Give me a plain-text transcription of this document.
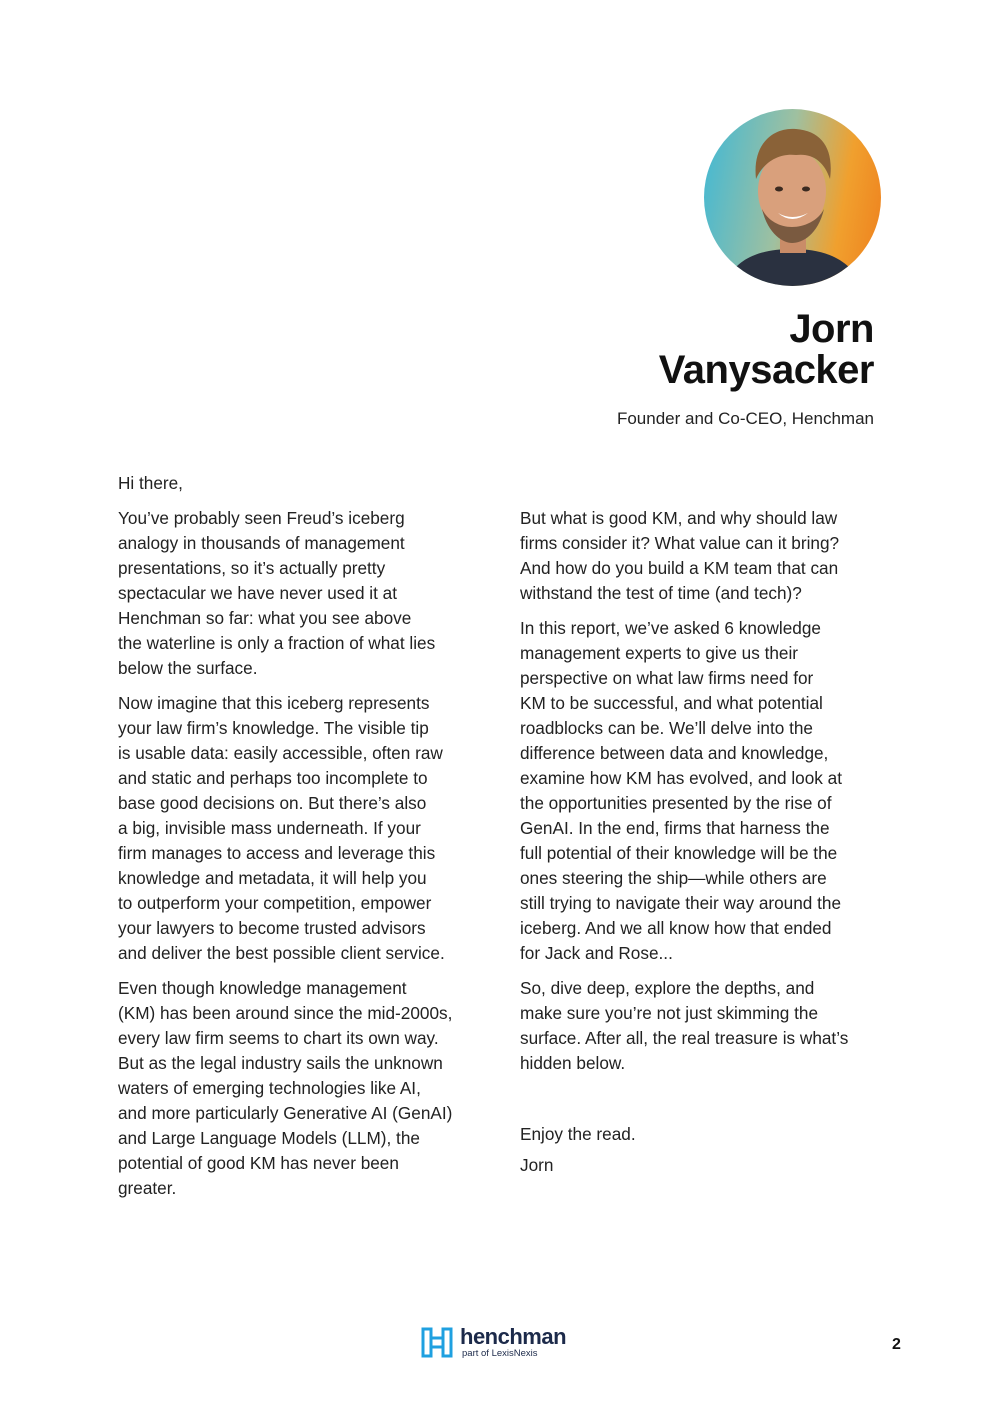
Jorn
Vanysacker
Founder and Co-CEO, Henchman

Hi there,

You’ve probably seen Freud’s iceberg
analogy in thousands of management
presentations, so it’s actually pretty
spectacular we have never used it at
Henchman so far: what you see above
the waterline is only a fraction of what lies
below the surface.

Now imagine that this iceberg represents
your law firm’s knowledge. The visible tip
is usable data: easily accessible, often raw
and static and perhaps too incomplete to
base good decisions on. But there’s also
a big, invisible mass underneath. If your
firm manages to access and leverage this
knowledge and metadata, it will help you
to outperform your competition, empower
your lawyers to become trusted advisors
and deliver the best possible client service.

Even though knowledge management
(KM) has been around since the mid-2000s,
every law firm seems to chart its own way.
But as the legal industry sails the unknown
waters of emerging technologies like AI,
and more particularly Generative AI (GenAI)
and Large Language Models (LLM), the
potential of good KM has never been
greater.

But what is good KM, and why should law
firms consider it? What value can it bring?
And how do you build a KM team that can
withstand the test of time (and tech)?

In this report, we’ve asked 6 knowledge
management experts to give us their
perspective on what law firms need for
KM to be successful, and what potential
roadblocks can be. We’ll delve into the
difference between data and knowledge,
examine how KM has evolved, and look at
the opportunities presented by the rise of
GenAI. In the end, firms that harness the
full potential of their knowledge will be the
ones steering the ship—while others are
still trying to navigate their way around the
iceberg. And we all know how that ended
for Jack and Rose...

So, dive deep, explore the depths, and
make sure you’re not just skimming the
surface. After all, the real treasure is what’s
hidden below.

Enjoy the read.
Jorn
henchman
part of LexisNexis
2
